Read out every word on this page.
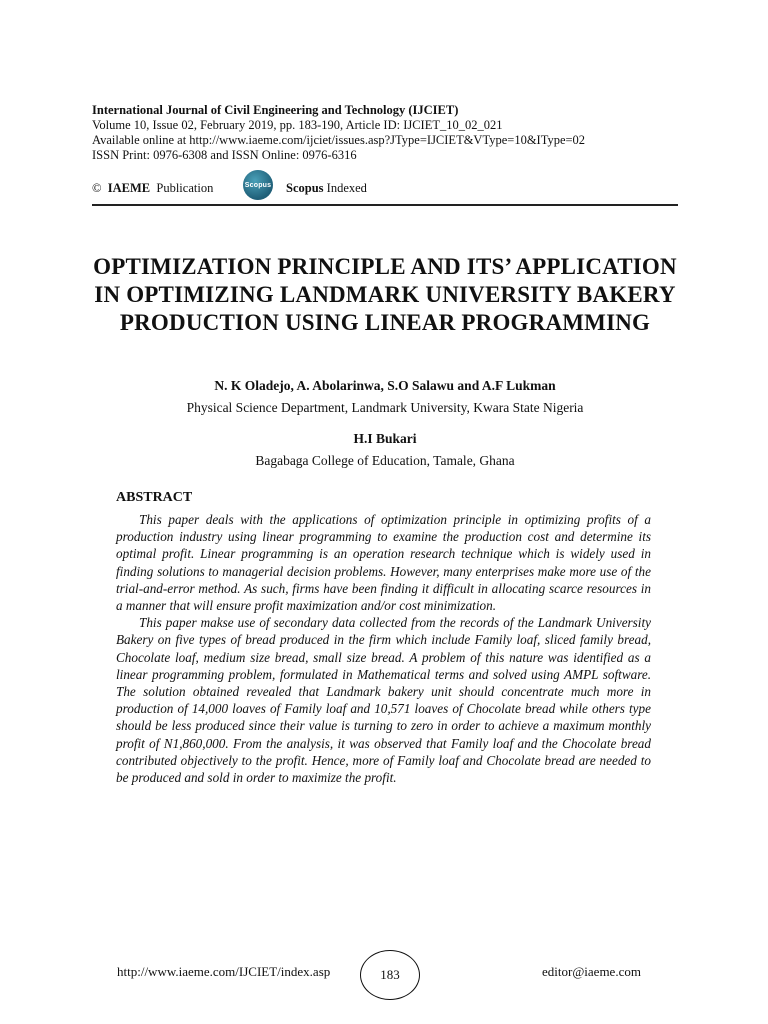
International Journal of Civil Engineering and Technology (IJCIET)
Volume 10, Issue 02, February 2019, pp. 183-190, Article ID: IJCIET_10_02_021
Available online at http://www.iaeme.com/ijciet/issues.asp?JType=IJCIET&VType=10&IType=02
ISSN Print: 0976-6308 and ISSN Online: 0976-6316
© IAEME Publication	Scopus Scopus Indexed
OPTIMIZATION PRINCIPLE AND ITS’ APPLICATION IN OPTIMIZING LANDMARK UNIVERSITY BAKERY PRODUCTION USING LINEAR PROGRAMMING
N. K Oladejo, A. Abolarinwa, S.O Salawu and A.F Lukman
Physical Science Department, Landmark University, Kwara State Nigeria
H.I Bukari
Bagabaga College of Education, Tamale, Ghana
ABSTRACT

This paper deals with the applications of optimization principle in optimizing profits of a production industry using linear programming to examine the production cost and determine its optimal profit. Linear programming is an operation research technique which is widely used in finding solutions to managerial decision problems. However, many enterprises make more use of the trial-and-error method. As such, firms have been finding it difficult in allocating scarce resources in a manner that will ensure profit maximization and/or cost minimization.

This paper makse use of secondary data collected from the records of the Landmark University Bakery on five types of bread produced in the firm which include Family loaf, sliced family bread, Chocolate loaf, medium size bread, small size bread. A problem of this nature was identified as a linear programming problem, formulated in Mathematical terms and solved using AMPL software. The solution obtained revealed that Landmark bakery unit should concentrate much more in production of 14,000 loaves of Family loaf and 10,571 loaves of Chocolate bread while others type should be less produced since their value is turning to zero in order to achieve a maximum monthly profit of N1,860,000. From the analysis, it was observed that Family loaf and the Chocolate bread contributed objectively to the profit. Hence, more of Family loaf and Chocolate bread are needed to be produced and sold in order to maximize the profit.

http://www.iaeme.com/IJCIET/index.asp	183	editor@iaeme.com
